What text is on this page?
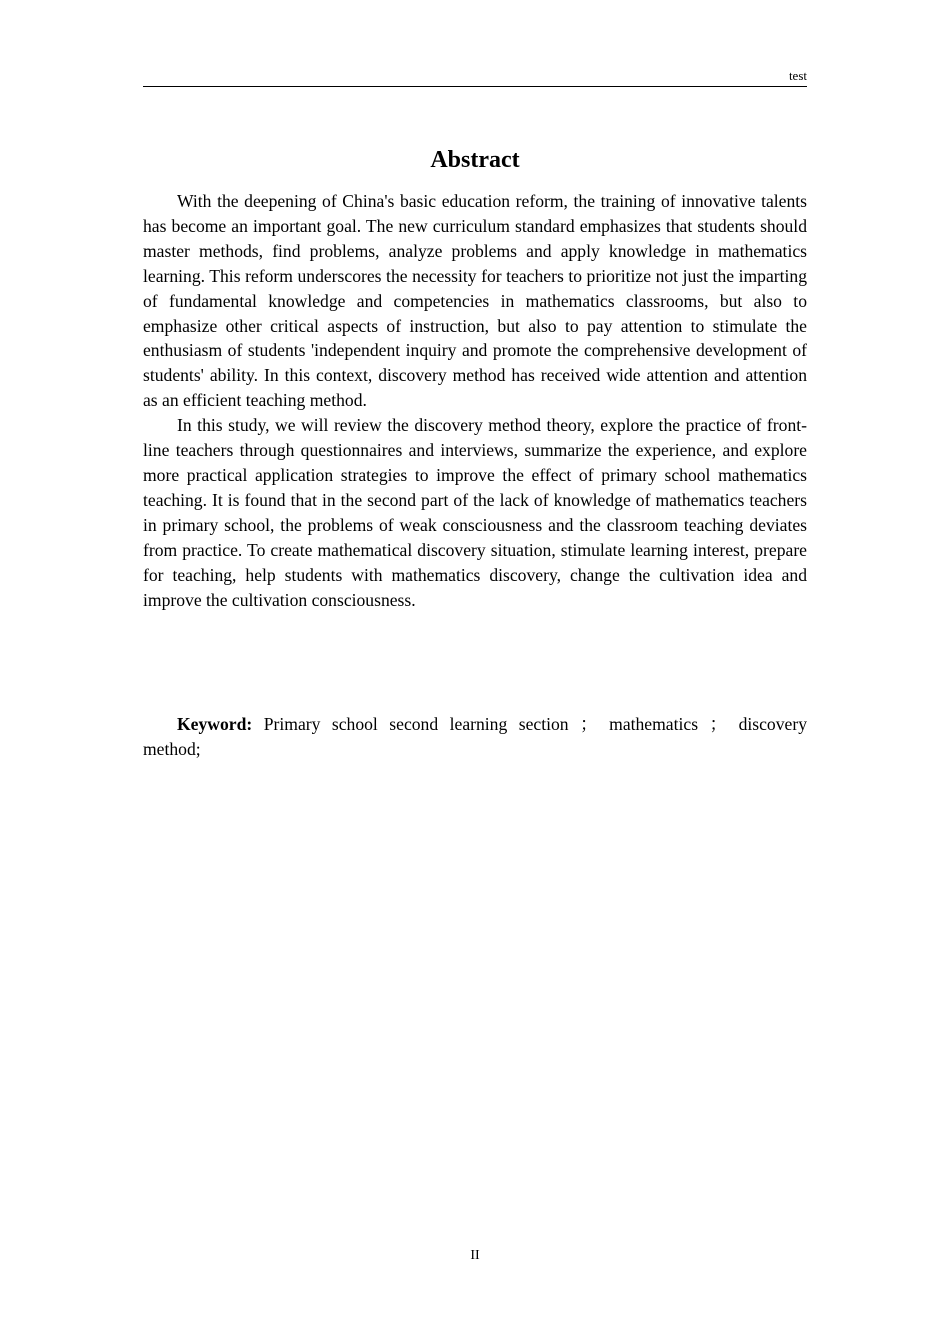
test
Abstract

With the deepening of China's basic education reform, the training of innovative talents has become an important goal. The new curriculum standard emphasizes that students should master methods, find problems, analyze problems and apply knowledge in mathematics learning. This reform underscores the necessity for teachers to prioritize not just the imparting of fundamental knowledge and competencies in mathematics classrooms, but also to emphasize other critical aspects of instruction, but also to pay attention to stimulate the enthusiasm of students 'independent inquiry and promote the comprehensive development of students' ability. In this context, discovery method has received wide attention and attention as an efficient teaching method.

In this study, we will review the discovery method theory, explore the practice of front-line teachers through questionnaires and interviews, summarize the experience, and explore more practical application strategies to improve the effect of primary school mathematics teaching. It is found that in the second part of the lack of knowledge of mathematics teachers in primary school, the problems of weak consciousness and the classroom teaching deviates from practice. To create mathematical discovery situation, stimulate learning interest, prepare for teaching, help students with mathematics discovery, change the cultivation idea and improve the cultivation consciousness.

Keyword: Primary school second learning section ； mathematics ； discovery method;
II
